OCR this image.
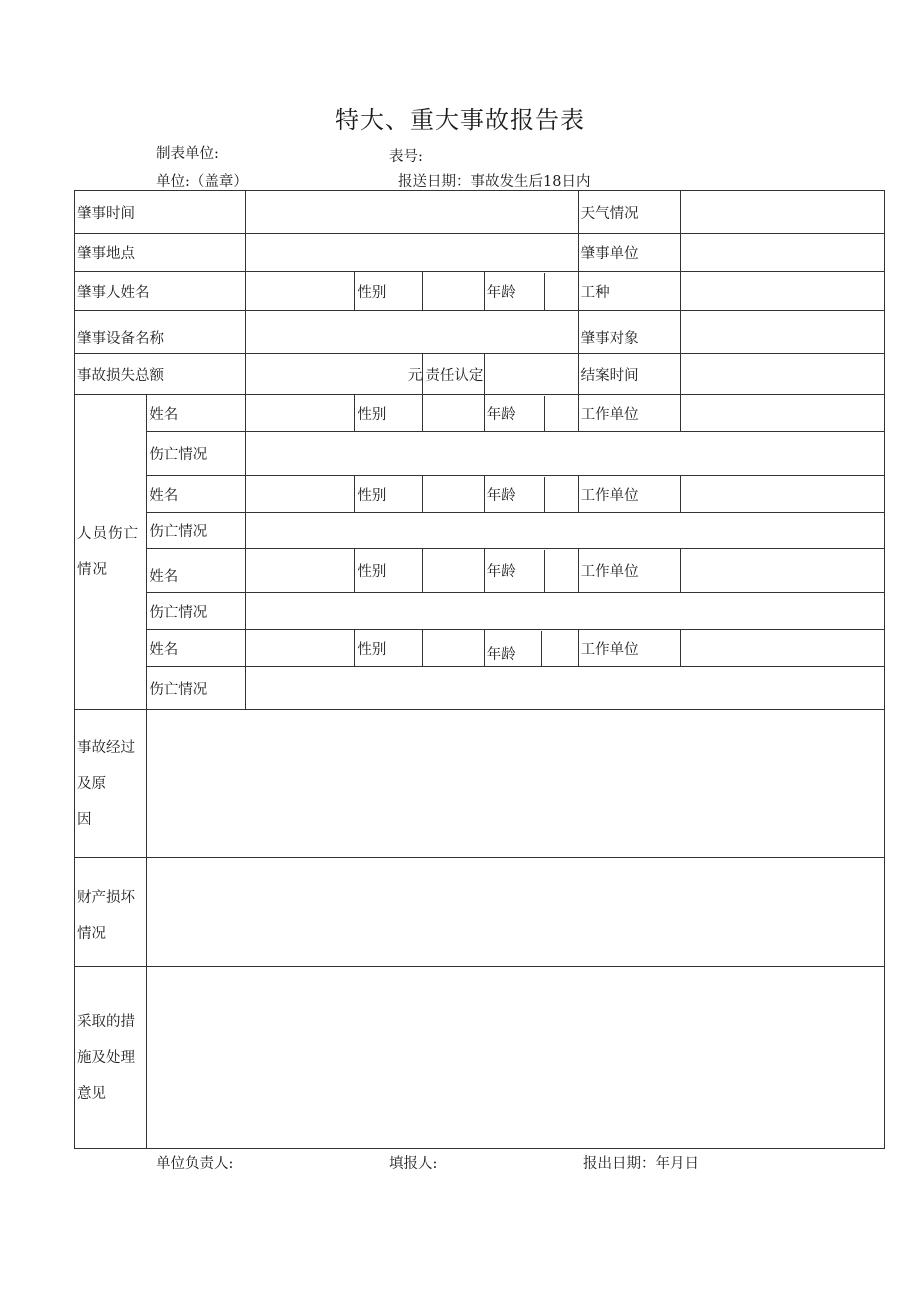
特大、重大事故报告表
制表单位:	表号:
单位:（盖章）	报送日期：事故发生后18日内
肇事时间						天气情况	
肇事地点						肇事单位	
肇事人姓名			性别		年龄	工种	
肇事设备名称						肇事对象	
事故损失总额		元		责任认定		结案时间	

人员伤亡情况	姓名		性别		年龄	工作单位	
	伤亡情况						
	姓名		性别		年龄	工作单位	
	伤亡情况						
	姓名		性别		年龄	工作单位	
	伤亡情况						
	姓名		性别		年龄	工作单位	
	伤亡情况						

事故经过
及原
因							

财产损坏
情况							

采取的措
施及处理
意见							

单位负责人:	填报人:	报出日期：年月日
